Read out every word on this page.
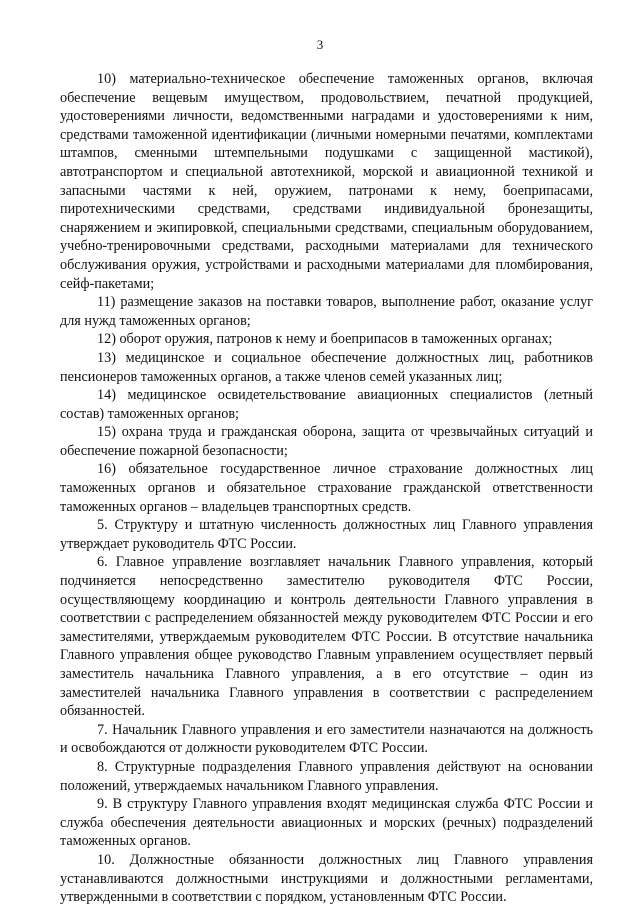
3

10) материально-техническое обеспечение таможенных органов, включая обеспечение вещевым имуществом, продовольствием, печатной продукцией, удостоверениями личности, ведомственными наградами и удостоверениями к ним, средствами таможенной идентификации (личными номерными печатями, комплектами штампов, сменными штемпельными подушками с защищенной мастикой), автотранспортом и специальной автотехникой, морской и авиационной техникой и запасными частями к ней, оружием, патронами к нему, боеприпасами, пиротехническими средствами, средствами индивидуальной бронезащиты, снаряжением и экипировкой, специальными средствами, специальным оборудованием, учебно-тренировочными средствами, расходными материалами для технического обслуживания оружия, устройствами и расходными материалами для пломбирования, сейф-пакетами;

11) размещение заказов на поставки товаров, выполнение работ, оказание услуг для нужд таможенных органов;

12) оборот оружия, патронов к нему и боеприпасов в таможенных органах;

13) медицинское и социальное обеспечение должностных лиц, работников пенсионеров таможенных органов, а также членов семей указанных лиц;

14) медицинское освидетельствование авиационных специалистов (летный состав) таможенных органов;

15) охрана труда и гражданская оборона, защита от чрезвычайных ситуаций и обеспечение пожарной безопасности;

16) обязательное государственное личное страхование должностных лиц таможенных органов и обязательное страхование гражданской ответственности таможенных органов – владельцев транспортных средств.

5. Структуру и штатную численность должностных лиц Главного управления утверждает руководитель ФТС России.

6. Главное управление возглавляет начальник Главного управления, который подчиняется непосредственно заместителю руководителя ФТС России, осуществляющему координацию и контроль деятельности Главного управления в соответствии с распределением обязанностей между руководителем ФТС России и его заместителями, утверждаемым руководителем ФТС России. В отсутствие начальника Главного управления общее руководство Главным управлением осуществляет первый заместитель начальника Главного управления, а в его отсутствие – один из заместителей начальника Главного управления в соответствии с распределением обязанностей.

7. Начальник Главного управления и его заместители назначаются на должность и освобождаются от должности руководителем ФТС России.

8. Структурные подразделения Главного управления действуют на основании положений, утверждаемых начальником Главного управления.

9. В структуру Главного управления входят медицинская служба ФТС России и служба обеспечения деятельности авиационных и морских (речных) подразделений таможенных органов.

10. Должностные обязанности должностных лиц Главного управления устанавливаются должностными инструкциями и должностными регламентами, утвержденными в соответствии с порядком, установленным ФТС России.
